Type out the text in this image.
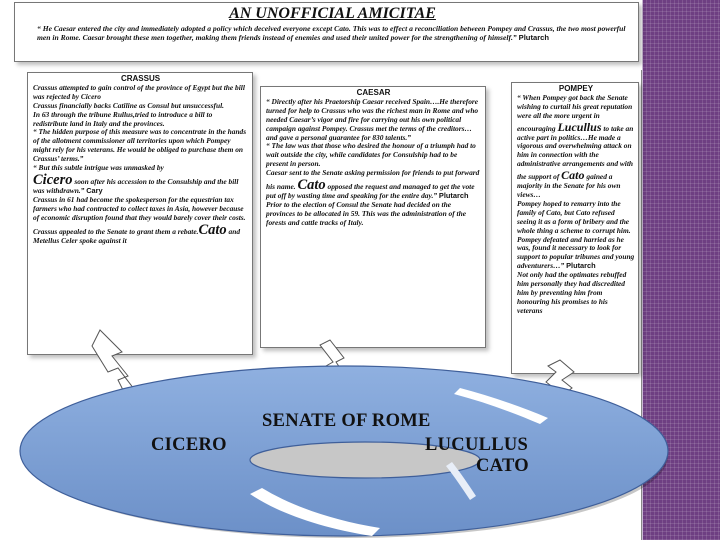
AN UNOFFICIAL AMICITAE

“ He Caesar entered the city and immediately adopted a policy which deceived everyone except Cato. This was to effect a reconciliation between Pompey and Crassus, the two most powerful men in Rome. Caesar brought these men together, making them friends instead of enemies and used their united power for the strengthening of himself.” Plutarch

CRASSUS

Crassus attempted to gain control of the province of Egypt but the bill was rejected by Cicero

Crassus financially backs Catiline as Consul but unsuccessful.

In 63 through the tribune Rullus,tried to introduce a bill to redistribute land in Italy and the provinces.

“ The hidden purpose of this measure was to concentrate in the hands of the allotment commissioner all territories upon which Pompey might rely for his veterans. He would be obliged to purchase them on Crassus’ terms.”

“ But this subtle intrigue was unmasked by
Cicero soon after his accession to the Consulship and the bill was withdrawn.” Cary

Crassus in 61 had become the spokesperson for the equestrian tax farmers who had contracted to collect taxes in Asia, however because of economic disruption found that they would barely cover their costs.

Crassus appealed to the Senate to grant them a rebate.Cato and Metellus Celer spoke against it

CAESAR

“ Directly after his Praetorship Caesar received Spain….He therefore turned for help to Crassus who was the richest man in Rome and who needed Caesar’s vigor and fire for carrying out his own political campaign against Pompey. Crassus met the terms of the creditors… and gave a personal guarantee for 830 talents.”

“ The law was that those who desired the honour of a triumph had to wait outside the city, while candidates for Consulship had to be present in person.

Caesar sent to the Senate asking permission for friends to put forward his name. Cato opposed the request and managed to get the vote put off by wasting time and speaking for the entire day.” Plutarch

Prior to the election of Consul the Senate had decided on the provinces to be allocated in 59. This was the administration of the forests and cattle tracks of Italy.

POMPEY

“ When Pompey got back the Senate wishing to curtail his great reputation were all the more urgent in encouraging Lucullus to take an active part in politics…He made a vigorous and overwhelming attack on him in connection with the administrative arrangements and with the support of Cato gained a majority in the Senate for his own views…

Pompey hoped to remarry into the family of Cato, but Cato refused seeing it as a form of bribery and the whole thing a scheme to corrupt him. Pompey defeated and harried as he was, found it necessary to look for support to popular tribunes and young adventurers…” Plutarch

Not only had the optimates rebuffed him personally they had discredited him by preventing him from honouring his promises to his veterans

SENATE OF ROME

CICERO	LUCULLUS

CATO
